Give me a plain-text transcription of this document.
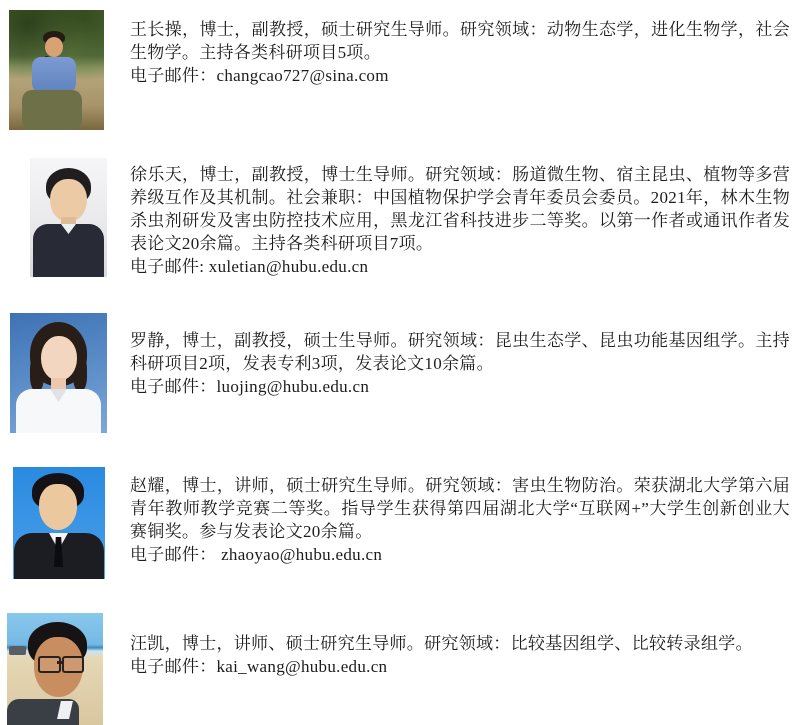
王长操，博士，副教授，硕士研究生导师。研究领域：动物生态学，进化生物学，社会生物学。主持各类科研项目5项。

电子邮件：changcao727@sina.com

徐乐天，博士，副教授，博士生导师。研究领域：肠道微生物、宿主昆虫、植物等多营养级互作及其机制。社会兼职：中国植物保护学会青年委员会委员。2021年，林木生物杀虫剂研发及害虫防控技术应用，黑龙江省科技进步二等奖。以第一作者或通讯作者发表论文20余篇。主持各类科研项目7项。

电子邮件: xuletian@hubu.edu.cn

罗静，博士，副教授，硕士生导师。研究领域：昆虫生态学、昆虫功能基因组学。主持科研项目2项，发表专利3项，发表论文10余篇。

电子邮件：luojing@hubu.edu.cn

赵耀，博士，讲师，硕士研究生导师。研究领域：害虫生物防治。荣获湖北大学第六届青年教师教学竞赛二等奖。指导学生获得第四届湖北大学“互联网+”大学生创新创业大赛铜奖。参与发表论文20余篇。

电子邮件： zhaoyao@hubu.edu.cn

汪凯，博士，讲师、硕士研究生导师。研究领域：比较基因组学、比较转录组学。

电子邮件：kai_wang@hubu.edu.cn
